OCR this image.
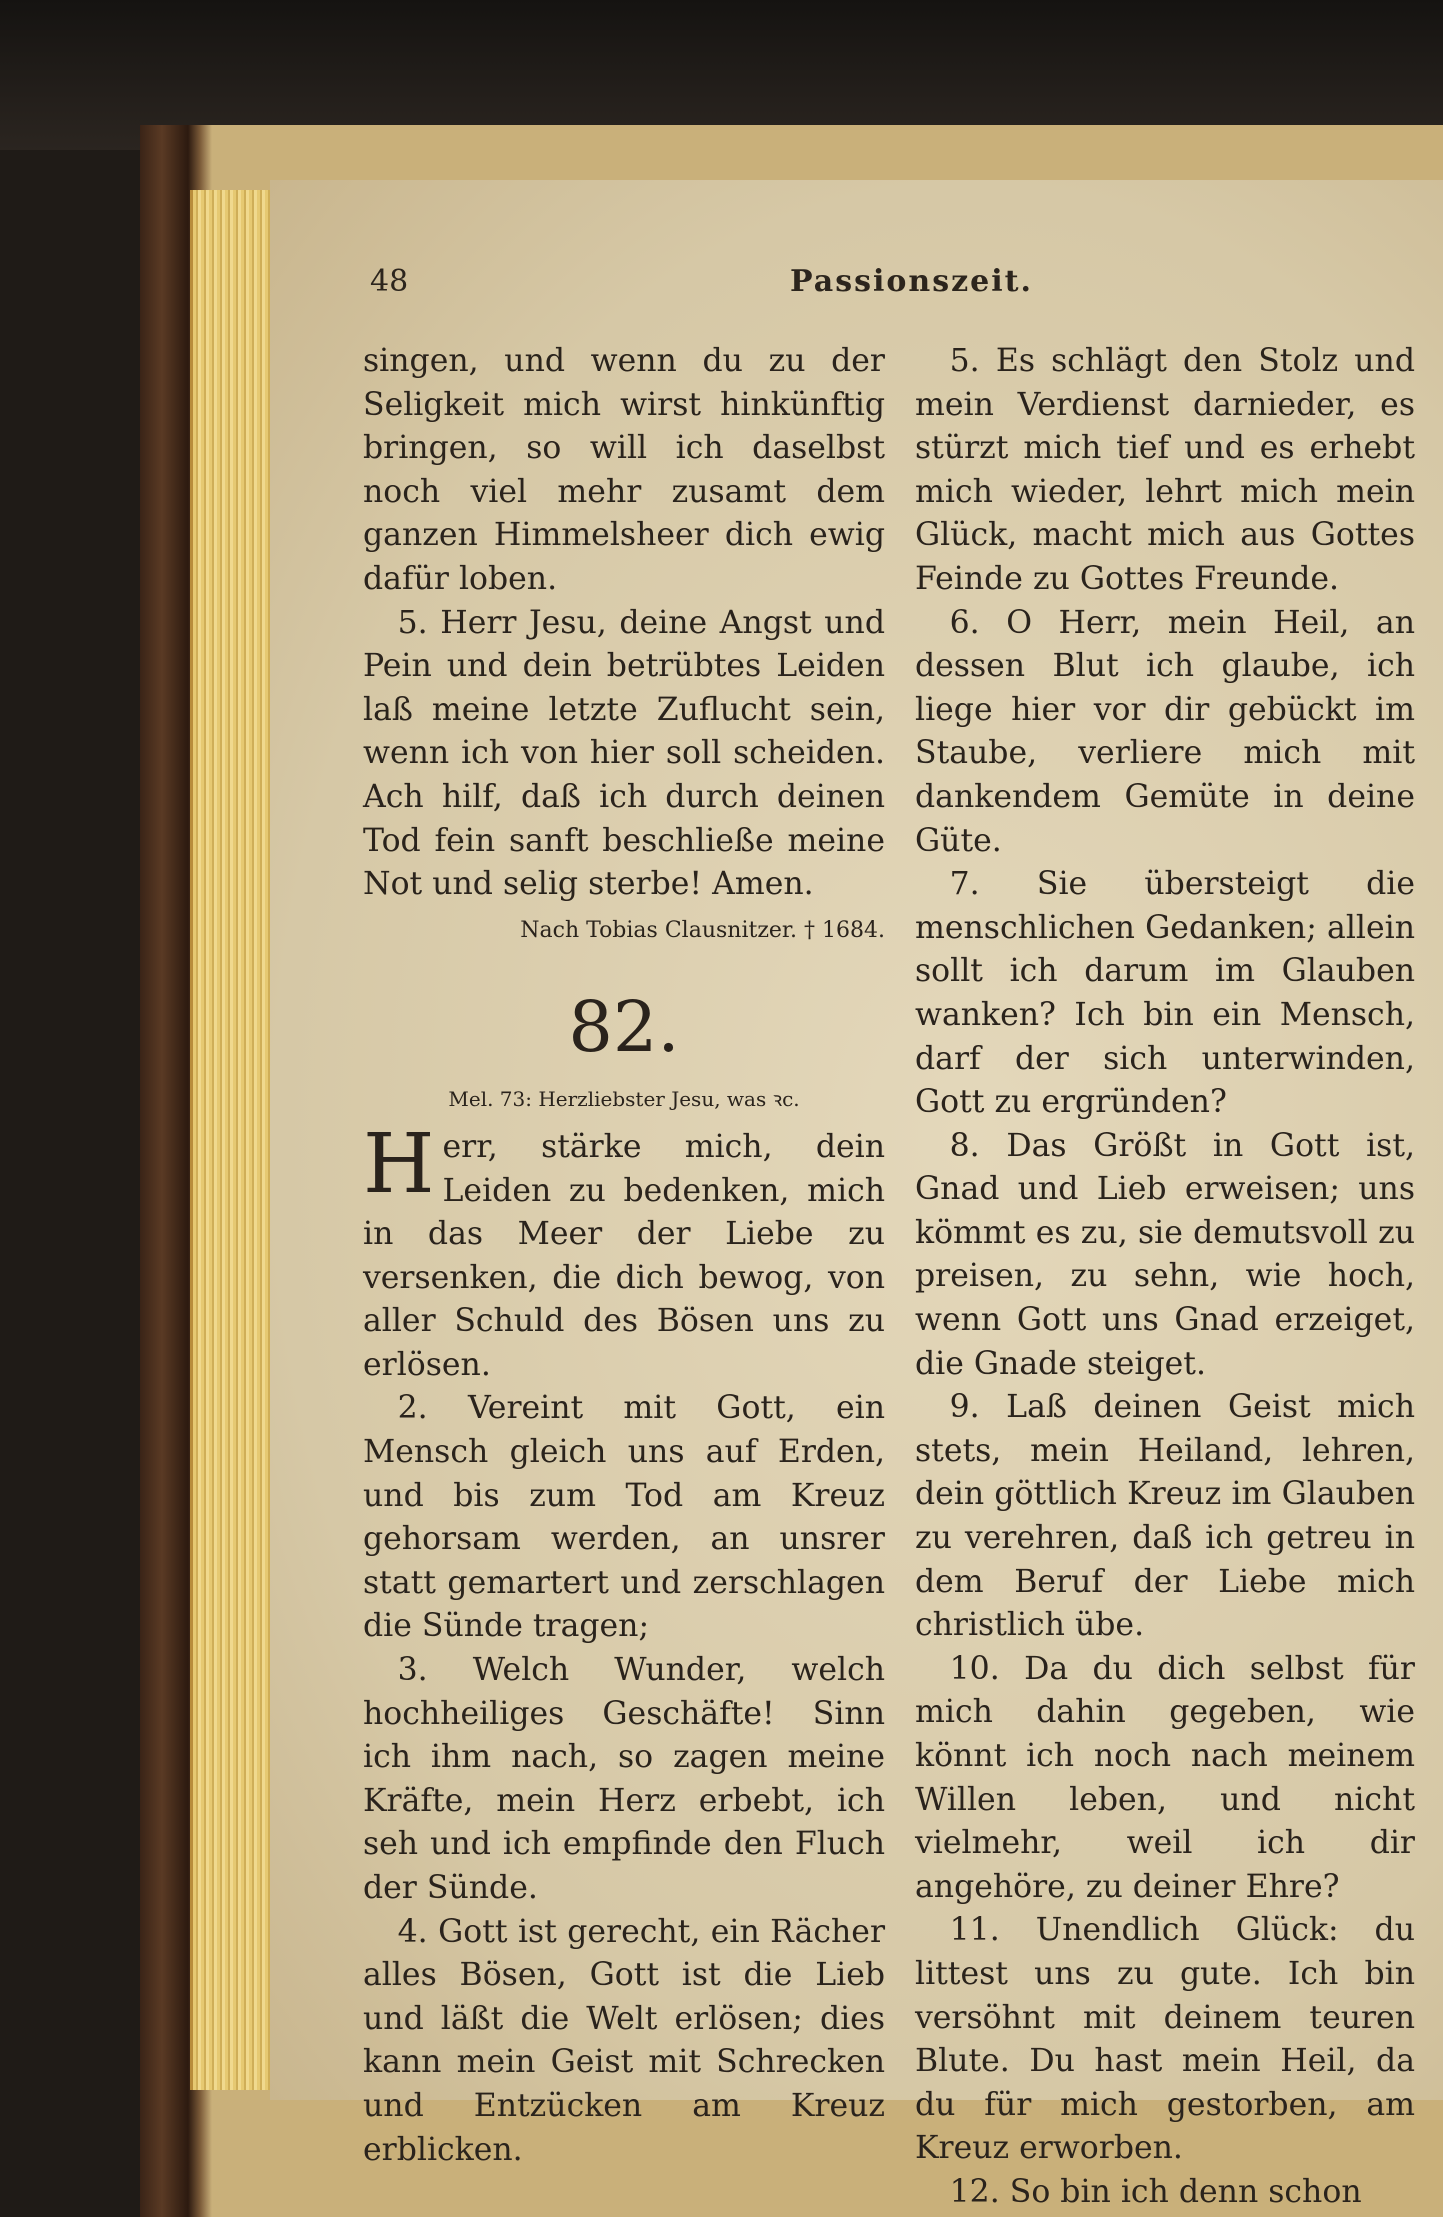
48	Passionszeit.

singen, und wenn du zu der Seligkeit mich wirst hinkünftig bringen, so will ich daselbst noch viel mehr zusamt dem ganzen Himmelsheer dich ewig dafür loben.

5. Herr Jesu, deine Angst und Pein und dein betrübtes Leiden laß meine letzte Zuflucht sein, wenn ich von hier soll scheiden. Ach hilf, daß ich durch deinen Tod fein sanft beschließe meine Not und selig sterbe! Amen.

Nach Tobias Clausnitzer. † 1684.

82.

Mel. 73: Herzliebster Jesu, was ꝛc.

Herr, stärke mich, dein Leiden zu bedenken, mich in das Meer der Liebe zu versenken, die dich bewog, von aller Schuld des Bösen uns zu erlösen.

2. Vereint mit Gott, ein Mensch gleich uns auf Erden, und bis zum Tod am Kreuz gehorsam werden, an unsrer statt gemartert und zerschlagen die Sünde tragen;

3. Welch Wunder, welch hochheiliges Geschäfte! Sinn ich ihm nach, so zagen meine Kräfte, mein Herz erbebt, ich seh und ich empfinde den Fluch der Sünde.

4. Gott ist gerecht, ein Rächer alles Bösen, Gott ist die Lieb und läßt die Welt erlösen; dies kann mein Geist mit Schrecken und Entzücken am Kreuz erblicken.

5. Es schlägt den Stolz und mein Verdienst darnieder, es stürzt mich tief und es erhebt mich wieder, lehrt mich mein Glück, macht mich aus Gottes Feinde zu Gottes Freunde.

6. O Herr, mein Heil, an dessen Blut ich glaube, ich liege hier vor dir gebückt im Staube, verliere mich mit dankendem Gemüte in deine Güte.

7. Sie übersteigt die menschlichen Gedanken; allein sollt ich darum im Glauben wanken? Ich bin ein Mensch, darf der sich unterwinden, Gott zu ergründen?

8. Das Größt in Gott ist, Gnad und Lieb erweisen; uns kömmt es zu, sie demutsvoll zu preisen, zu sehn, wie hoch, wenn Gott uns Gnad erzeiget, die Gnade steiget.

9. Laß deinen Geist mich stets, mein Heiland, lehren, dein göttlich Kreuz im Glauben zu verehren, daß ich getreu in dem Beruf der Liebe mich christlich übe.

10. Da du dich selbst für mich dahin gegeben, wie könnt ich noch nach meinem Willen leben, und nicht vielmehr, weil ich dir angehöre, zu deiner Ehre?

11. Unendlich Glück: du littest uns zu gute. Ich bin versöhnt mit deinem teuren Blute. Du hast mein Heil, da du für mich gestorben, am Kreuz erworben.

12. So bin ich denn schon
